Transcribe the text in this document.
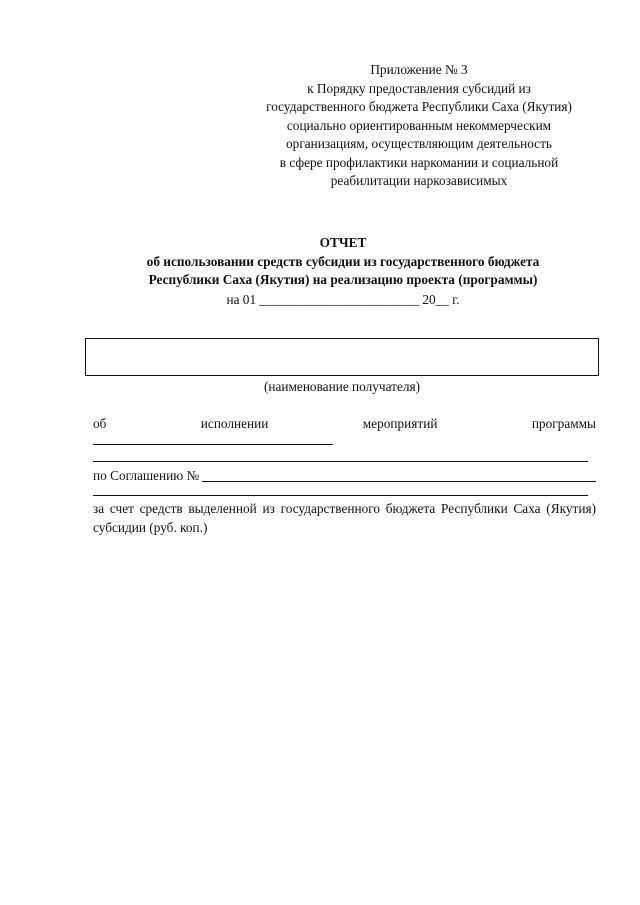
Приложение № 3
к Порядку предоставления субсидий из
государственного бюджета Республики Саха (Якутия)
социально ориентированным некоммерческим
организациям, осуществляющим деятельность
в сфере профилактики наркомании и социальной
реабилитации наркозависимых
ОТЧЕТ
об использовании средств субсидии из государственного бюджета
Республики Саха (Якутия) на реализацию проекта (программы)
на 01 ________________________ 20__ г.
(наименование получателя)
об	исполнении	мероприятий	программы
по Соглашению №
за счет средств выделенной из государственного бюджета Республики Саха (Якутия) субсидии (руб. коп.)
